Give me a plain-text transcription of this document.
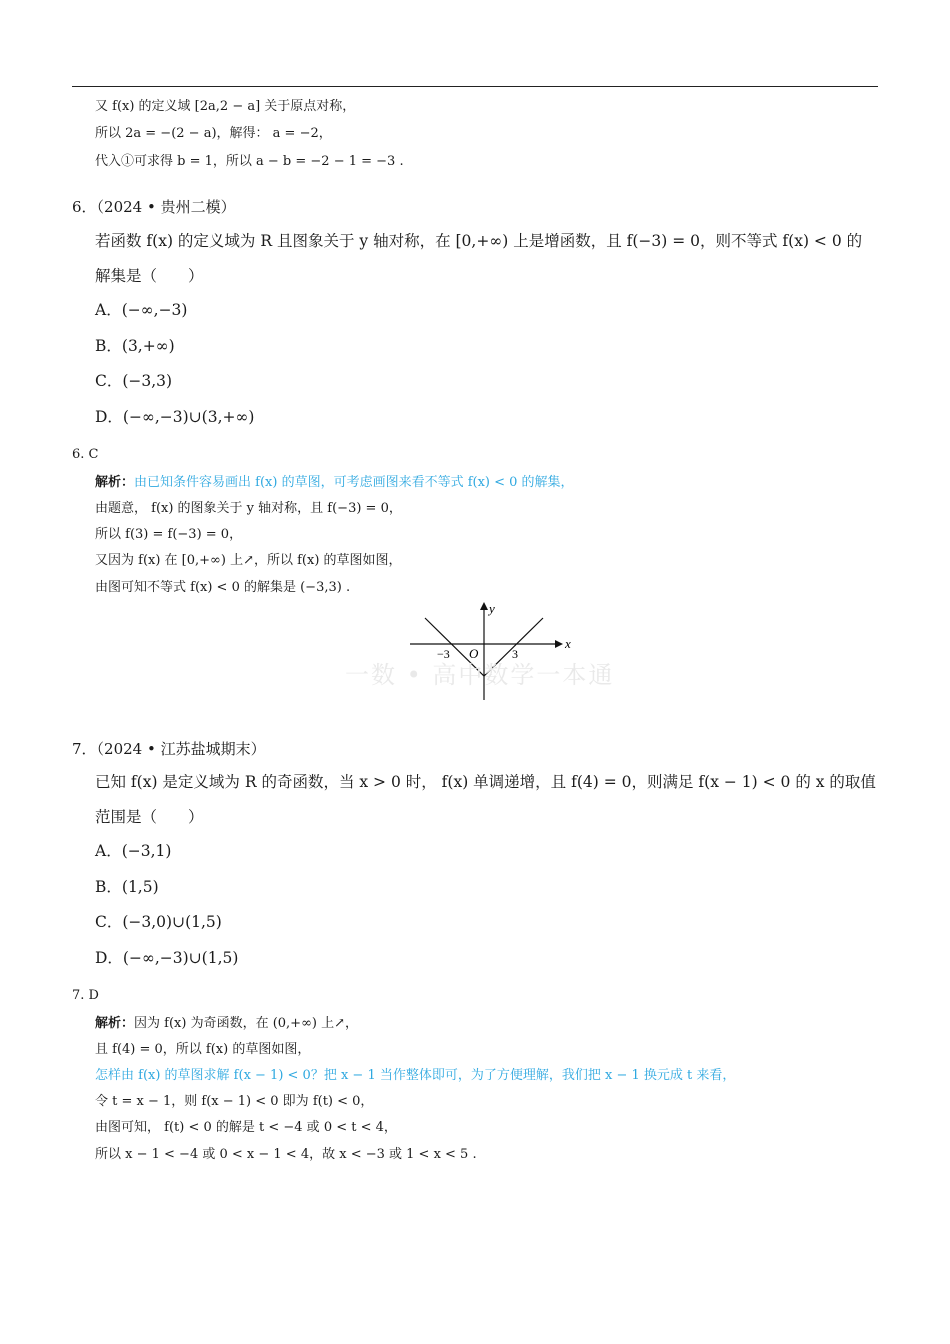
又 f(x) 的定义域 [2a,2 − a] 关于原点对称，
所以 2a = −(2 − a)，解得： a = −2，
代入①可求得 b = 1，所以 a − b = −2 − 1 = −3 .
6．（2024 • 贵州二模）
若函数 f(x) 的定义域为 R 且图象关于 y 轴对称，在 [0,+∞) 上是增函数，且 f(−3) = 0，则不等式 f(x) < 0 的
解集是（　　）
A．(−∞,−3)
B．(3,+∞)
C．(−3,3)
D．(−∞,−3)∪(3,+∞)
6. C
解析：由已知条件容易画出 f(x) 的草图，可考虑画图来看不等式 f(x) < 0 的解集，
由题意， f(x) 的图象关于 y 轴对称，且 f(−3) = 0，
所以 f(3) = f(−3) = 0，
又因为 f(x) 在 [0,+∞) 上↗，所以 f(x) 的草图如图，
由图可知不等式 f(x) < 0 的解集是 (−3,3) .
x
y
O
−3	3
一数 • 高中数学一本通
7．（2024 • 江苏盐城期末）
已知 f(x) 是定义域为 R 的奇函数，当 x > 0 时， f(x) 单调递增，且 f(4) = 0，则满足 f(x − 1) < 0 的 x 的取值
范围是（　　）
A．(−3,1)
B．(1,5)
C．(−3,0)∪(1,5)
D．(−∞,−3)∪(1,5)
7. D
解析：因为 f(x) 为奇函数，在 (0,+∞) 上↗，
且 f(4) = 0，所以 f(x) 的草图如图，
怎样由 f(x) 的草图求解 f(x − 1) < 0？把 x − 1 当作整体即可，为了方便理解，我们把 x − 1 换元成 t 来看，
令 t = x − 1，则 f(x − 1) < 0 即为 f(t) < 0，
由图可知， f(t) < 0 的解是 t < −4 或 0 < t < 4，
所以 x − 1 < −4 或 0 < x − 1 < 4，故 x < −3 或 1 < x < 5 .
